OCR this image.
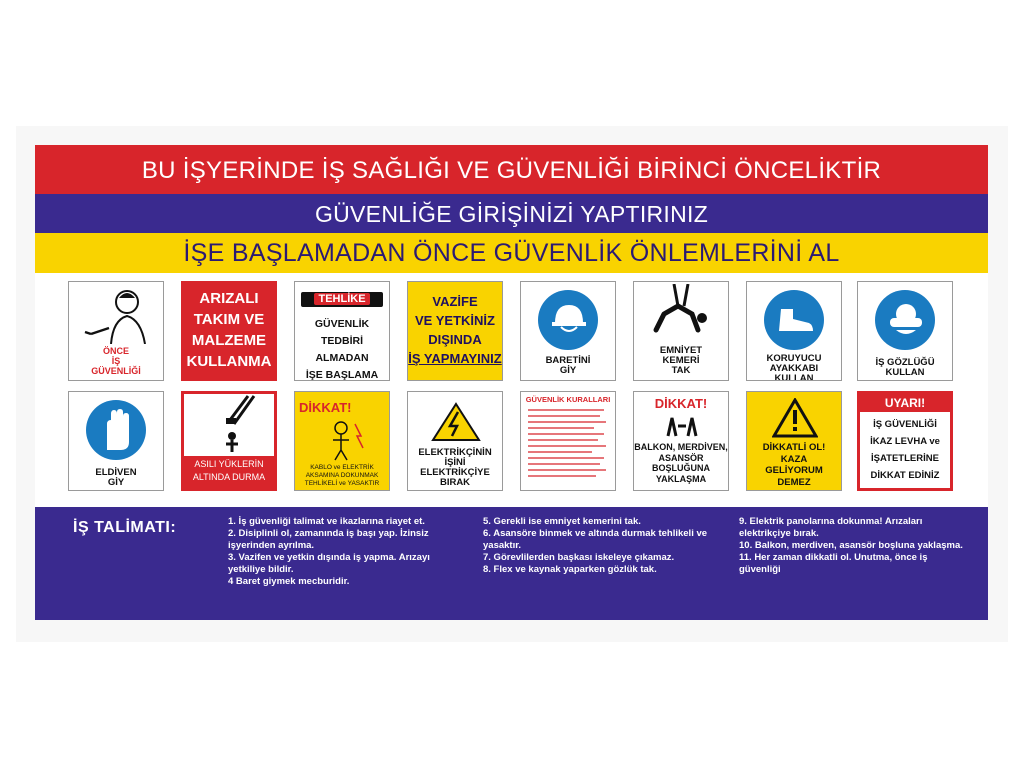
BU İŞYERİNDE İŞ SAĞLIĞI VE GÜVENLİĞİ BİRİNCİ ÖNCELİKTİR
GÜVENLİĞE GİRİŞİNİZİ YAPTIRINIZ
İŞE BAŞLAMADAN ÖNCE GÜVENLİK ÖNLEMLERİNİ AL
ÖNCE
İŞ
GÜVENLİĞİ
ARIZALI
TAKIM VE
MALZEME
KULLANMA
TEHLİKE
GÜVENLİK TEDBİRİ
ALMADAN
İŞE BAŞLAMA
VAZİFE
VE YETKİNİZ
DIŞINDA
İŞ YAPMAYINIZ	BARETİNİ
GİY
EMNİYET
KEMERİ
TAK
KORUYUCU
AYAKKABI
KULLAN
İŞ GÖZLÜĞÜ
KULLAN
ELDİVEN
GİY
ASILI YÜKLERİN
ALTINDA DURMA
DİKKAT!
KABLO ve ELEKTRİK
AKSAMINA DOKUNMAK
TEHLİKELİ ve YASAKTIR
ELEKTRİKÇİNİN
İŞİNİ
ELEKTRİKÇİYE
BIRAK
GÜVENLİK KURALLARI	DİKKAT!
BALKON, MERDİVEN,
ASANSÖR
BOŞLUĞUNA
YAKLAŞMA
DİKKATLİ OL!
KAZA
GELİYORUM
DEMEZ
UYARI!
İŞ GÜVENLİĞİ
İKAZ LEVHA ve
İŞATETLERİNE
DİKKAT EDİNİZ
İŞ TALİMATI:	1. İş güvenliği talimat ve ikazlarına riayet et.
2. Disiplinli ol, zamanında iş başı yap. İzinsiz işyerinden ayrılma.
3. Vazifen ve yetkin dışında iş yapma. Arızayı yetkiliye bildir.
4 Baret giymek mecburidir.
5. Gerekli ise emniyet kemerini tak.
6. Asansöre binmek ve altında durmak tehlikeli ve yasaktır.
7. Görevlilerden başkası iskeleye çıkamaz.
8. Flex ve kaynak yaparken gözlük tak.
9. Elektrik panolarına dokunma! Arızaları elektrikçiye bırak.
10. Balkon, merdiven, asansör boşluna yaklaşma.
11. Her zaman dikkatli ol. Unutma, önce iş güvenliği
